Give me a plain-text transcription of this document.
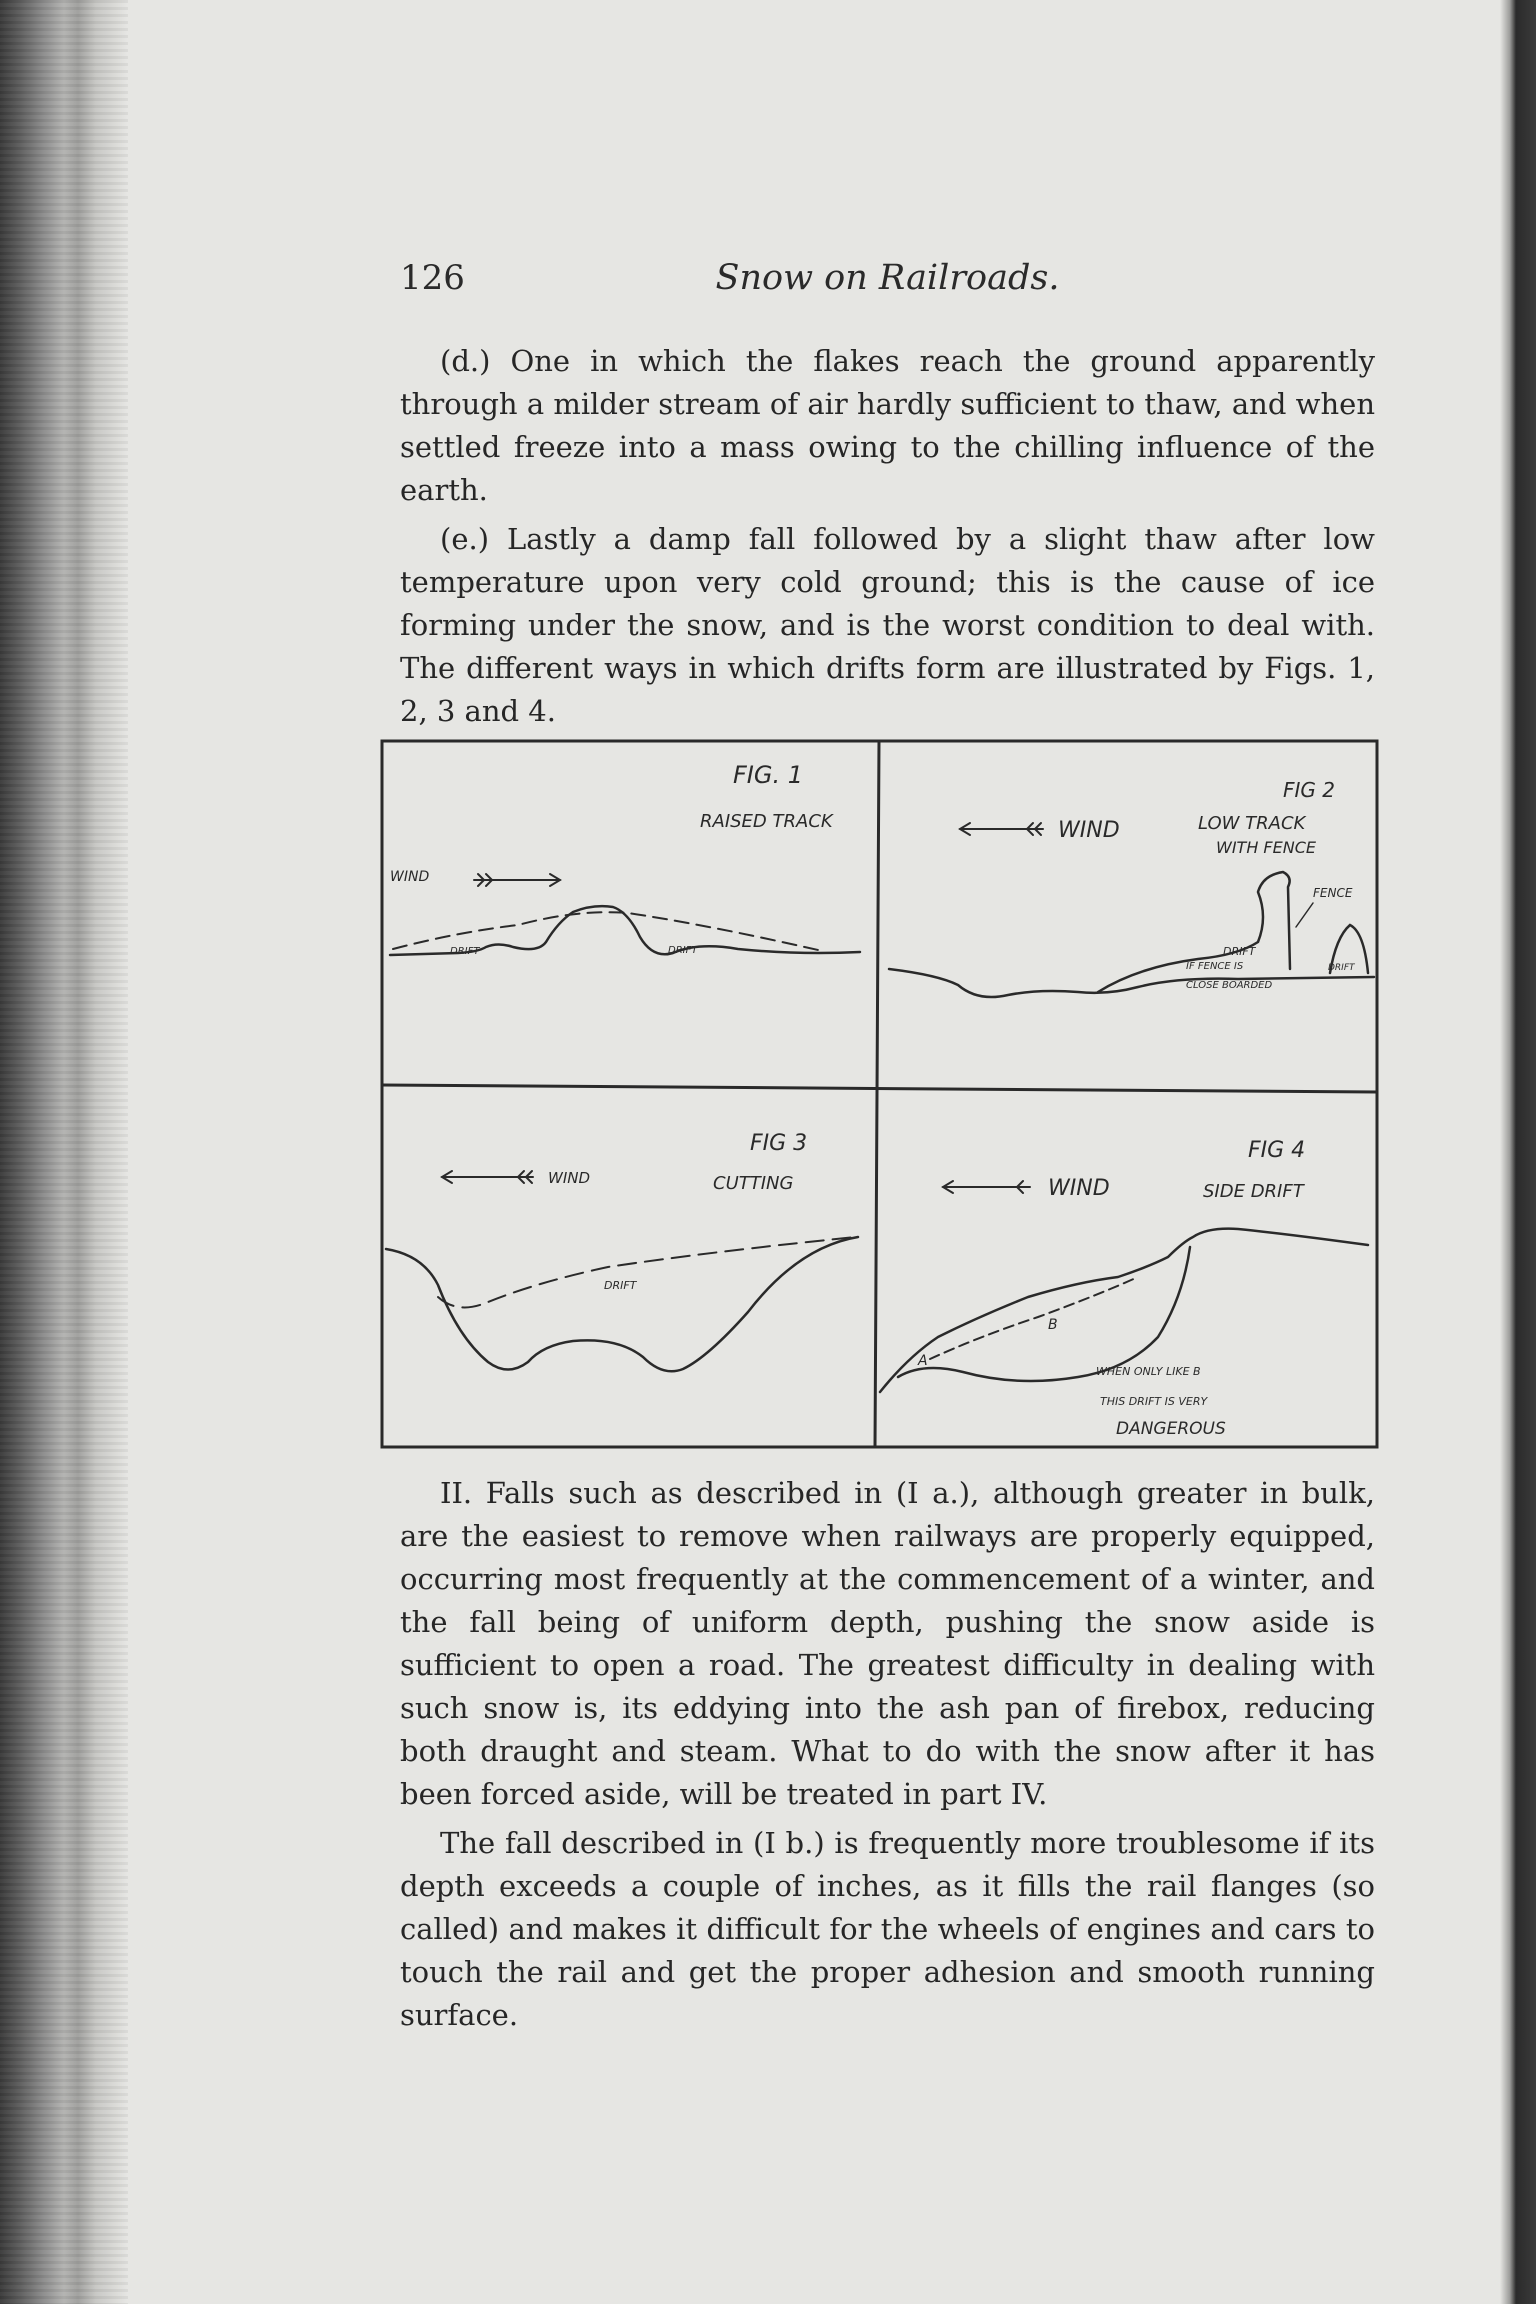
126	Snow on Railroads.

(d.) One in which the flakes reach the ground apparently through a milder stream of air hardly sufficient to thaw, and when settled freeze into a mass owing to the chilling influence of the earth.

(e.) Lastly a damp fall followed by a slight thaw after low temperature upon very cold ground; this is the cause of ice forming under the snow, and is the worst condition to deal with. The different ways in which drifts form are illustrated by Figs. 1, 2, 3 and 4.

FIG. 1
RAISED TRACK
WIND
DRIFT	DRIFT
FIG 2
LOW TRACK
WITH FENCE
WIND
FENCE
DRIFT
IF FENCE IS
CLOSE BOARDED
DRIFT
FIG 3
CUTTING
WIND
DRIFT
FIG 4
SIDE DRIFT
WIND
A
B
WHEN ONLY LIKE B
THIS DRIFT IS VERY
DANGEROUS

II. Falls such as described in (I a.), although greater in bulk, are the easiest to remove when railways are properly equipped, occurring most frequently at the commencement of a winter, and the fall being of uniform depth, pushing the snow aside is sufficient to open a road. The greatest difficulty in dealing with such snow is, its eddying into the ash pan of firebox, reducing both draught and steam. What to do with the snow after it has been forced aside, will be treated in part IV.

The fall described in (I b.) is frequently more troublesome if its depth exceeds a couple of inches, as it fills the rail flanges (so called) and makes it difficult for the wheels of engines and cars to touch the rail and get the proper adhesion and smooth running surface.
